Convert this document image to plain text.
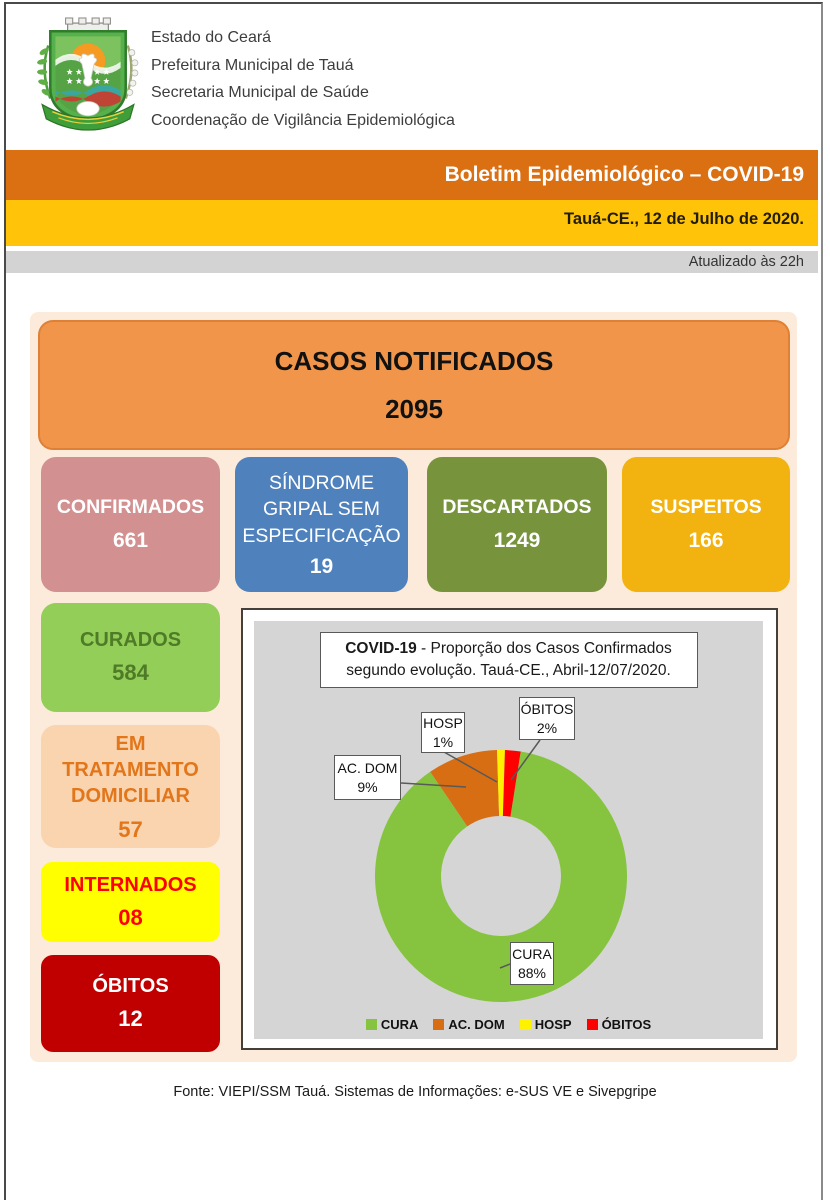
Estado do Ceará
Prefeitura Municipal de Tauá
Secretaria Municipal de Saúde
Coordenação de Vigilância Epidemiológica
Boletim Epidemiológico – COVID-19
Tauá-CE., 12 de Julho de 2020.
Atualizado às 22h
CASOS NOTIFICADOS
2095
CONFIRMADOS
661
SÍNDROME GRIPAL SEM ESPECIFICAÇÃO
19
DESCARTADOS
1249
SUSPEITOS
166
CURADOS
584
EM TRATAMENTO DOMICILIAR
57
INTERNADOS
08
ÓBITOS
12
COVID-19 - Proporção dos Casos Confirmados segundo evolução. Tauá-CE., Abril-12/07/2020.
AC. DOM
9%
HOSP
1%
ÓBITOS
2%
CURA
88%
CURA AC. DOM HOSP ÓBITOS
Fonte: VIEPI/SSM Tauá. Sistemas de Informações: e-SUS VE e Sivepgripe
